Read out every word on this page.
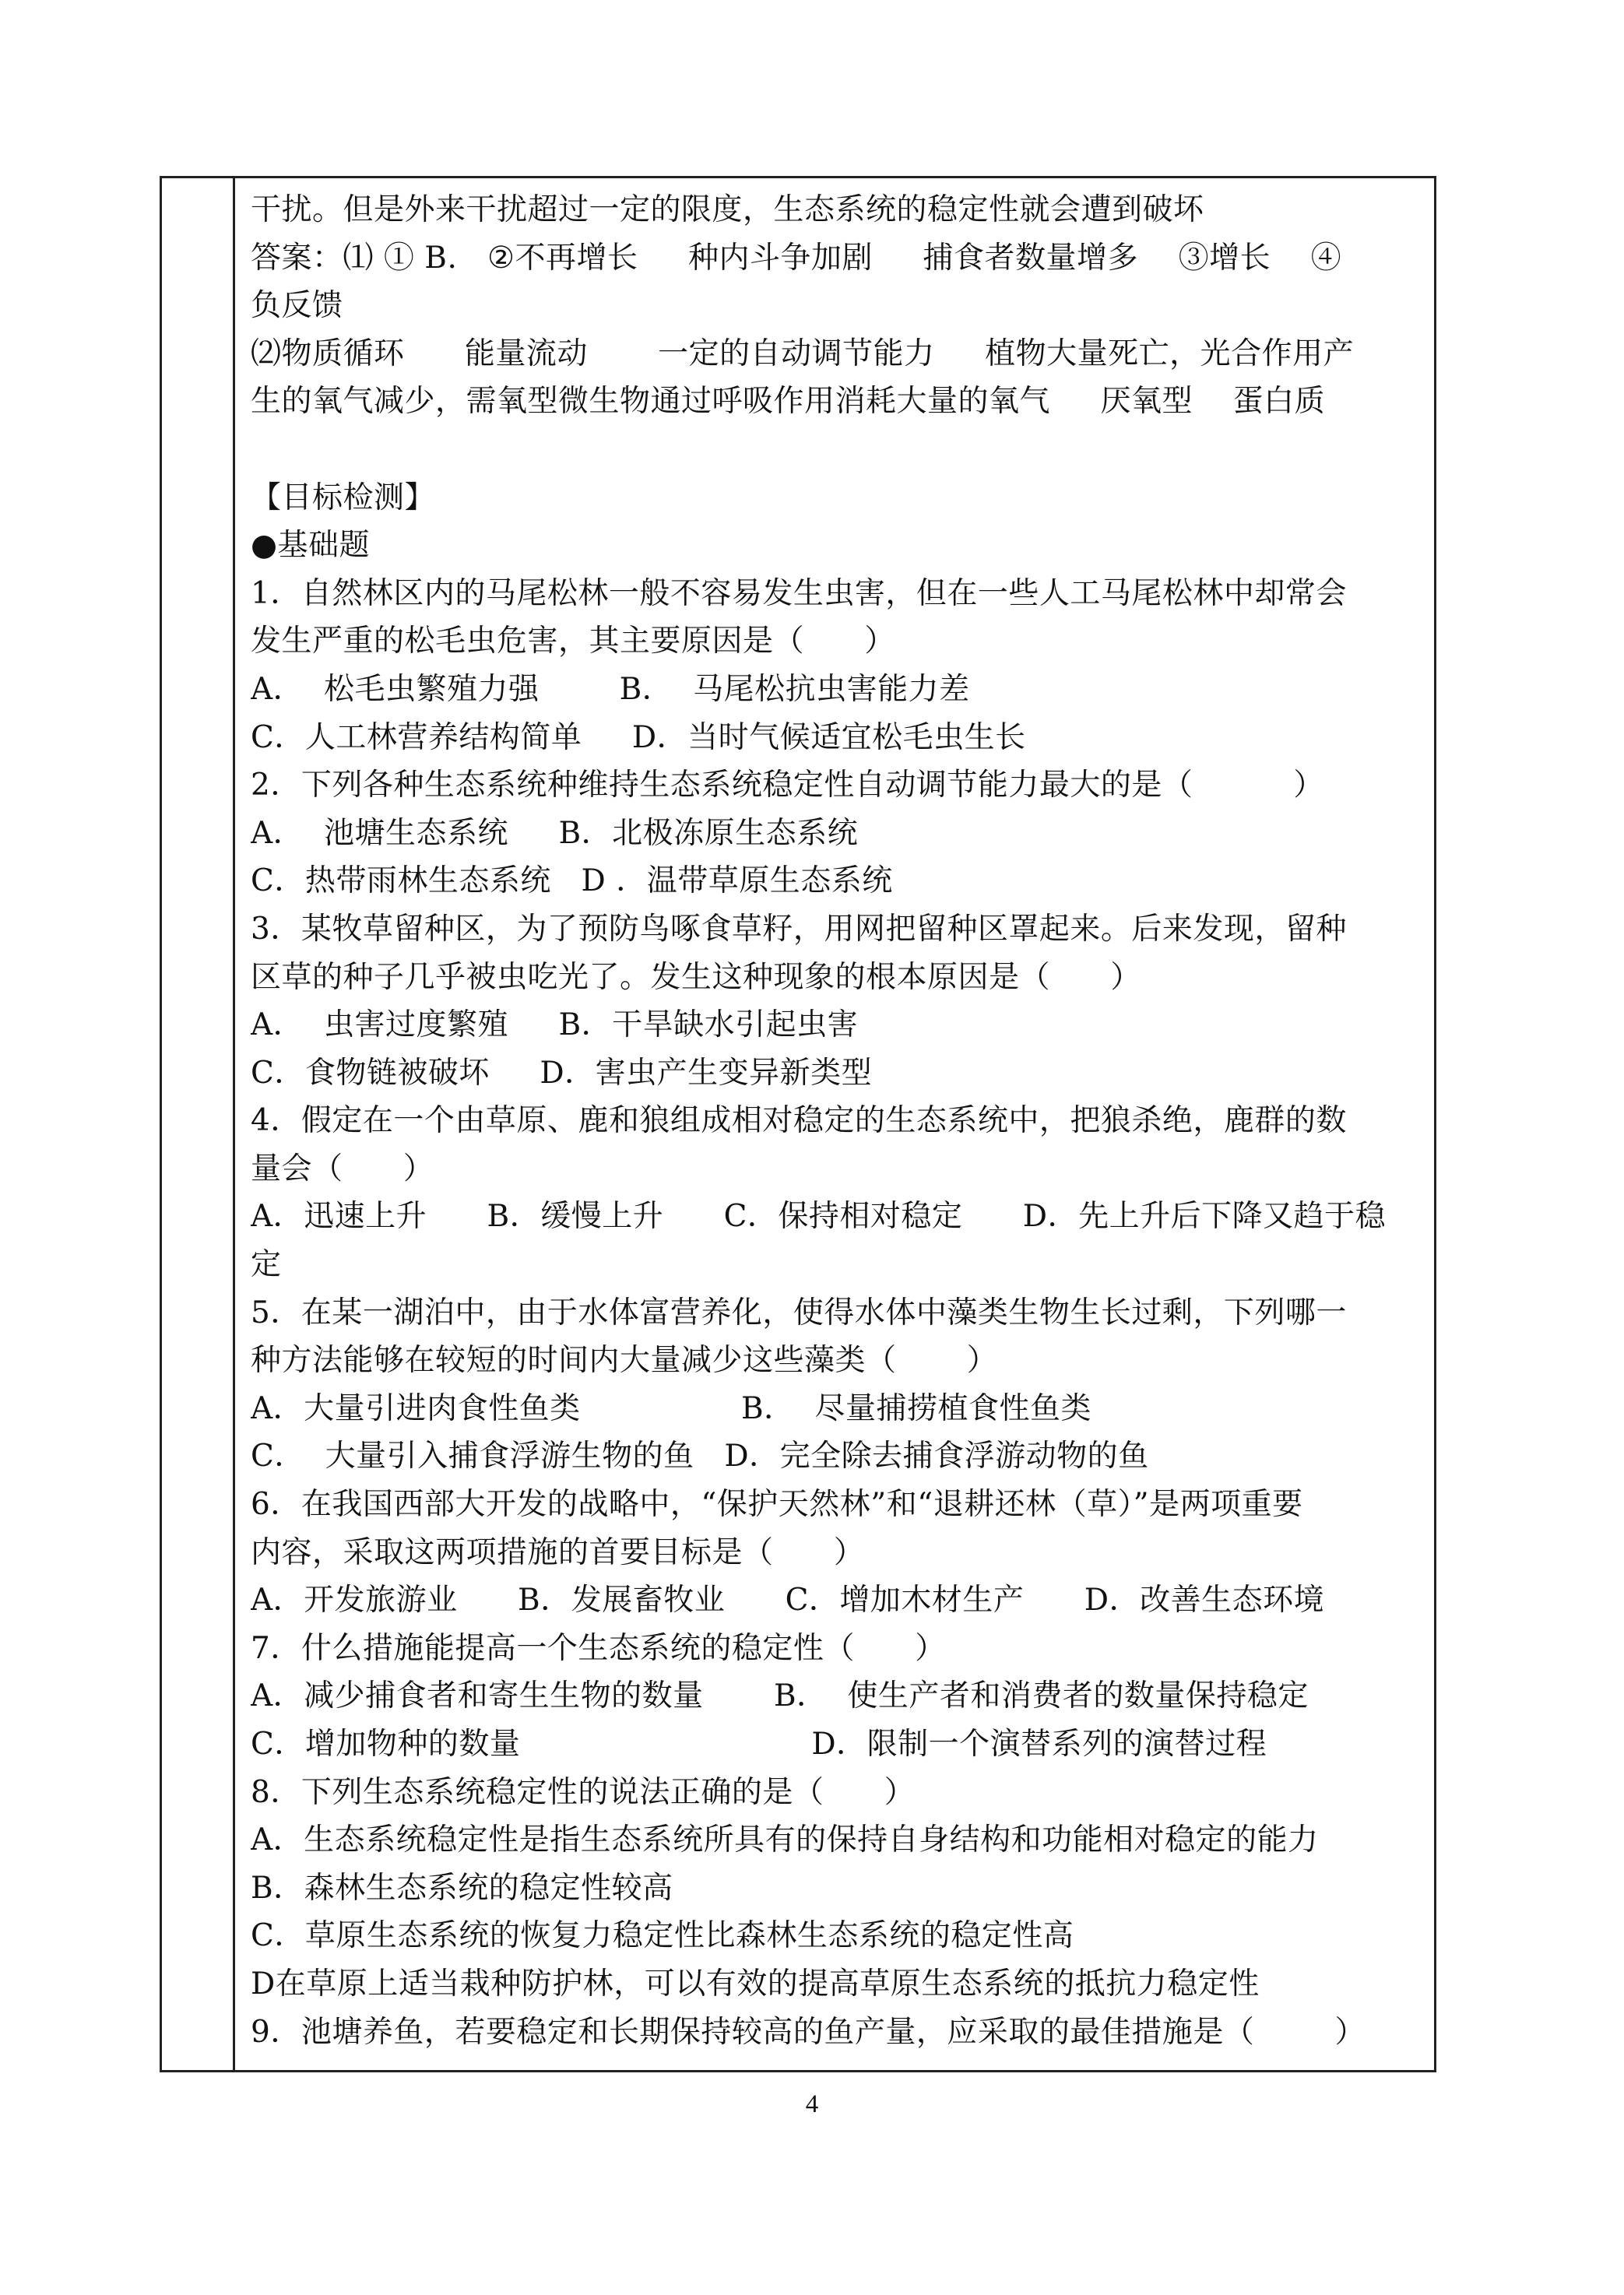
干扰。但是外来干扰超过一定的限度，生态系统的稳定性就会遭到破坏
答案：⑴ ① B.   ②不再增长     种内斗争加剧     捕食者数量增多    ③增长    ④
负反馈
⑵物质循环      能量流动       一定的自动调节能力     植物大量死亡，光合作用产
生的氧气减少，需氧型微生物通过呼吸作用消耗大量的氧气     厌氧型    蛋白质
【目标检测】
●基础题
1．自然林区内的马尾松林一般不容易发生虫害，但在一些人工马尾松林中却常会
发生严重的松毛虫危害，其主要原因是（      ）
A．  松毛虫繁殖力强        B．  马尾松抗虫害能力差
C．人工林营养结构简单     D．当时气候适宜松毛虫生长
2．下列各种生态系统种维持生态系统稳定性自动调节能力最大的是（          ）
A．  池塘生态系统     B．北极冻原生态系统
C．热带雨林生态系统   D ．温带草原生态系统
3．某牧草留种区，为了预防鸟啄食草籽，用网把留种区罩起来。后来发现，留种
区草的种子几乎被虫吃光了。发生这种现象的根本原因是（      ）
A．  虫害过度繁殖     B．干旱缺水引起虫害
C．食物链被破坏     D．害虫产生变异新类型
4．假定在一个由草原、鹿和狼组成相对稳定的生态系统中，把狼杀绝，鹿群的数
量会（      ）
A．迅速上升      B．缓慢上升      C．保持相对稳定      D．先上升后下降又趋于稳
定
5．在某一湖泊中，由于水体富营养化，使得水体中藻类生物生长过剩，下列哪一
种方法能够在较短的时间内大量减少这些藻类（       ）
A．大量引进肉食性鱼类                B．  尽量捕捞植食性鱼类
C．  大量引入捕食浮游生物的鱼   D．完全除去捕食浮游动物的鱼
6．在我国西部大开发的战略中，“保护天然林”和“退耕还林（草）”是两项重要
内容，采取这两项措施的首要目标是（      ）
A．开发旅游业      B．发展畜牧业      C．增加木材生产      D．改善生态环境
7．什么措施能提高一个生态系统的稳定性（      ）
A．减少捕食者和寄生生物的数量       B．  使生产者和消费者的数量保持稳定
C．增加物种的数量                             D．限制一个演替系列的演替过程
8．下列生态系统稳定性的说法正确的是（      ）
A．生态系统稳定性是指生态系统所具有的保持自身结构和功能相对稳定的能力
B．森林生态系统的稳定性较高
C．草原生态系统的恢复力稳定性比森林生态系统的稳定性高
D在草原上适当栽种防护林，可以有效的提高草原生态系统的抵抗力稳定性
9．池塘养鱼，若要稳定和长期保持较高的鱼产量，应采取的最佳措施是（        ）
4
